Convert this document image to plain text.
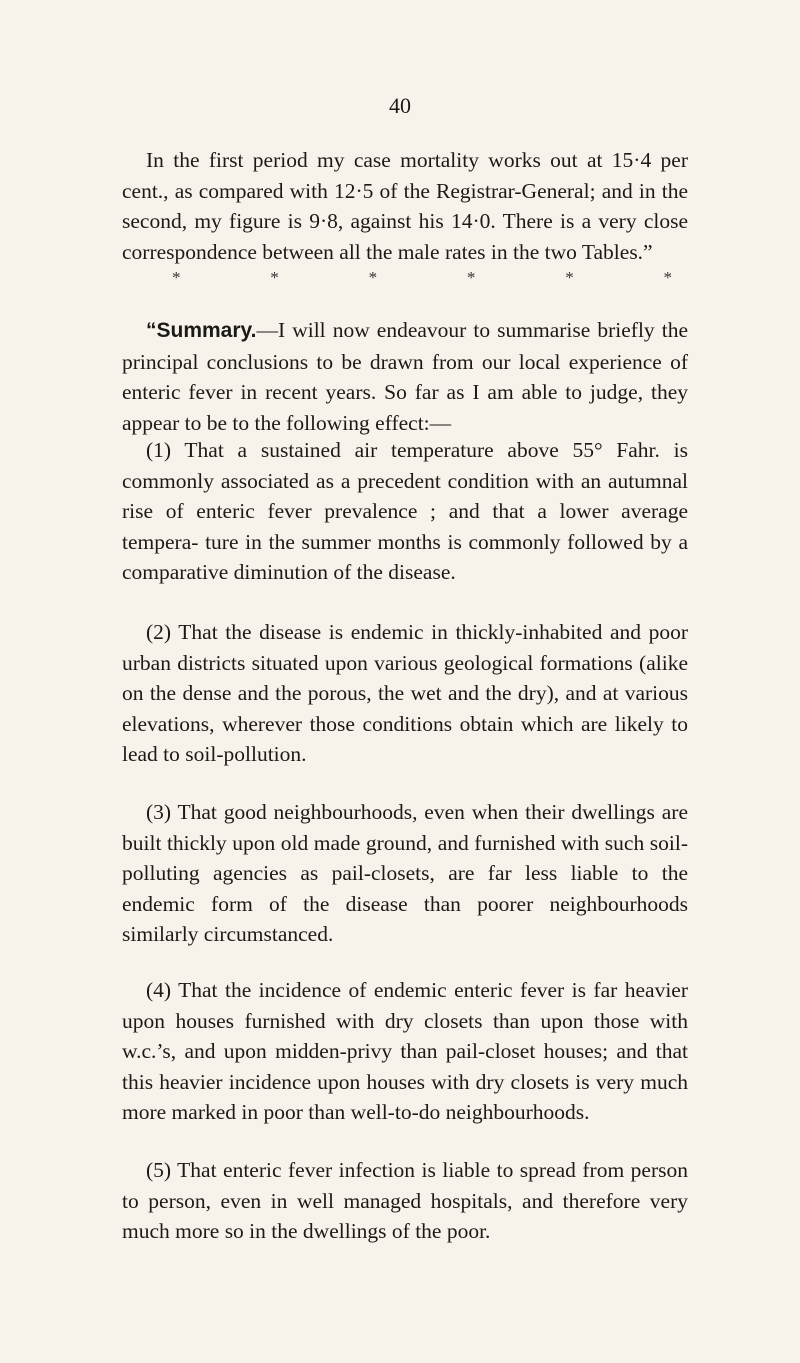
40

In the first period my case mortality works out at 15·4 per cent., as compared with 12·5 of the Registrar-General; and in the second, my figure is 9·8, against his 14·0. There is a very close correspondence between all the male rates in the two Tables.”

*	*	*	*	*	*

“Summary.—I will now endeavour to summarise briefly the principal conclusions to be drawn from our local experience of enteric fever in recent years. So far as I am able to judge, they appear to be to the following effect:—

(1) That a sustained air temperature above 55° Fahr. is commonly associated as a precedent condition with an autumnal rise of enteric fever prevalence ; and that a lower average tempera- ture in the summer months is commonly followed by a comparative diminution of the disease.

(2) That the disease is endemic in thickly-inhabited and poor urban districts situated upon various geological formations (alike on the dense and the porous, the wet and the dry), and at various elevations, wherever those conditions obtain which are likely to lead to soil-pollution.

(3) That good neighbourhoods, even when their dwellings are built thickly upon old made ground, and furnished with such soil-polluting agencies as pail-closets, are far less liable to the endemic form of the disease than poorer neighbourhoods similarly circumstanced.

(4) That the incidence of endemic enteric fever is far heavier upon houses furnished with dry closets than upon those with w.c.’s, and upon midden-privy than pail-closet houses; and that this heavier incidence upon houses with dry closets is very much more marked in poor than well-to-do neighbourhoods.

(5) That enteric fever infection is liable to spread from person to person, even in well managed hospitals, and therefore very much more so in the dwellings of the poor.
